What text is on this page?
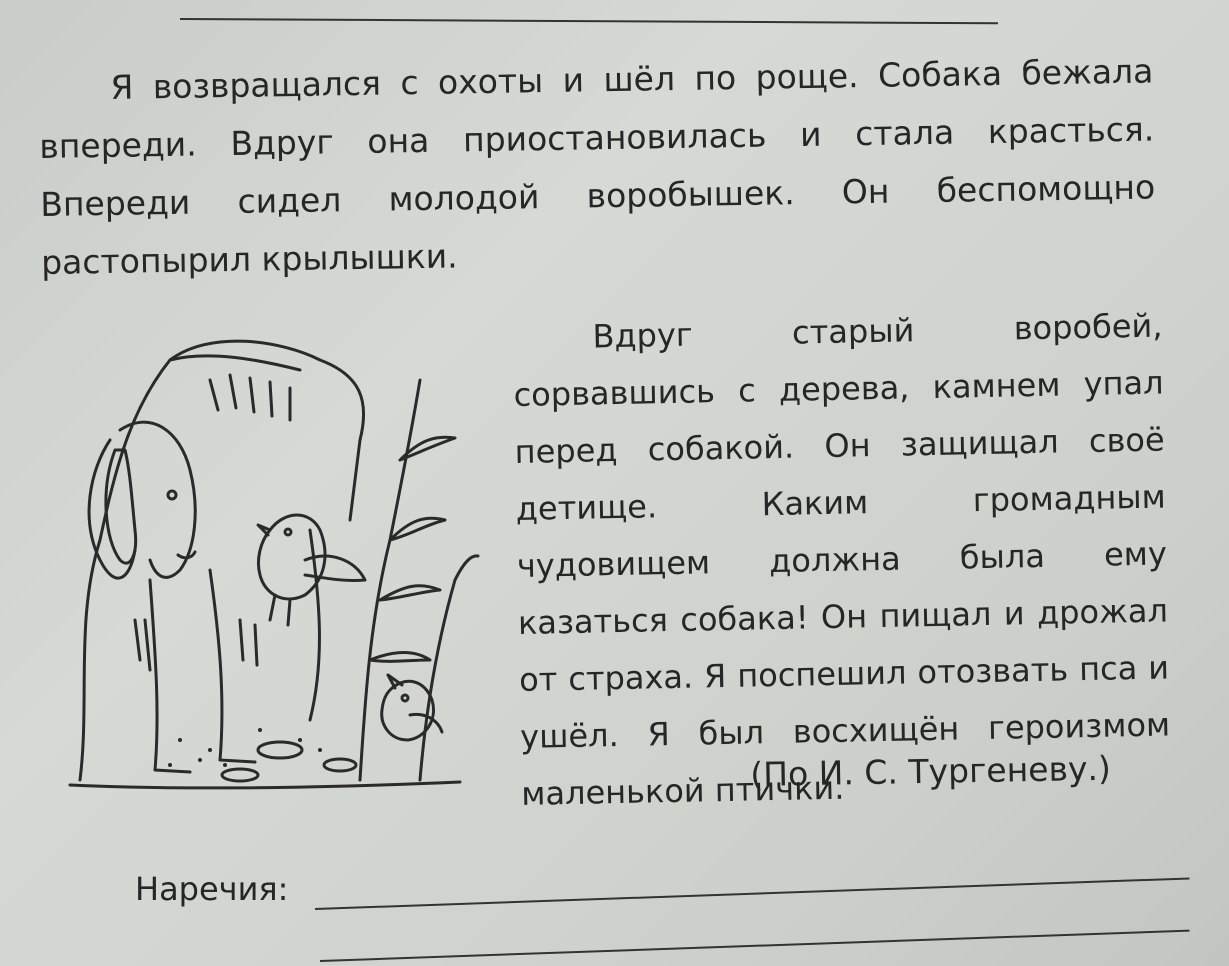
Я возвращался с охоты и шёл по роще. Собака бежала впереди. Вдруг она приостановилась и стала красться. Впереди сидел молодой воробышек. Он беспомощно растопырил крылышки.

Вдруг старый воробей, сорвавшись с дерева, камнем упал перед собакой. Он защищал своё детище. Каким громадным чудовищем должна была ему казаться собака! Он пищал и дрожал от страха. Я поспешил отозвать пса и ушёл. Я был восхищён героизмом маленькой птички.

(По И. С. Тургеневу.)
Наречия:
